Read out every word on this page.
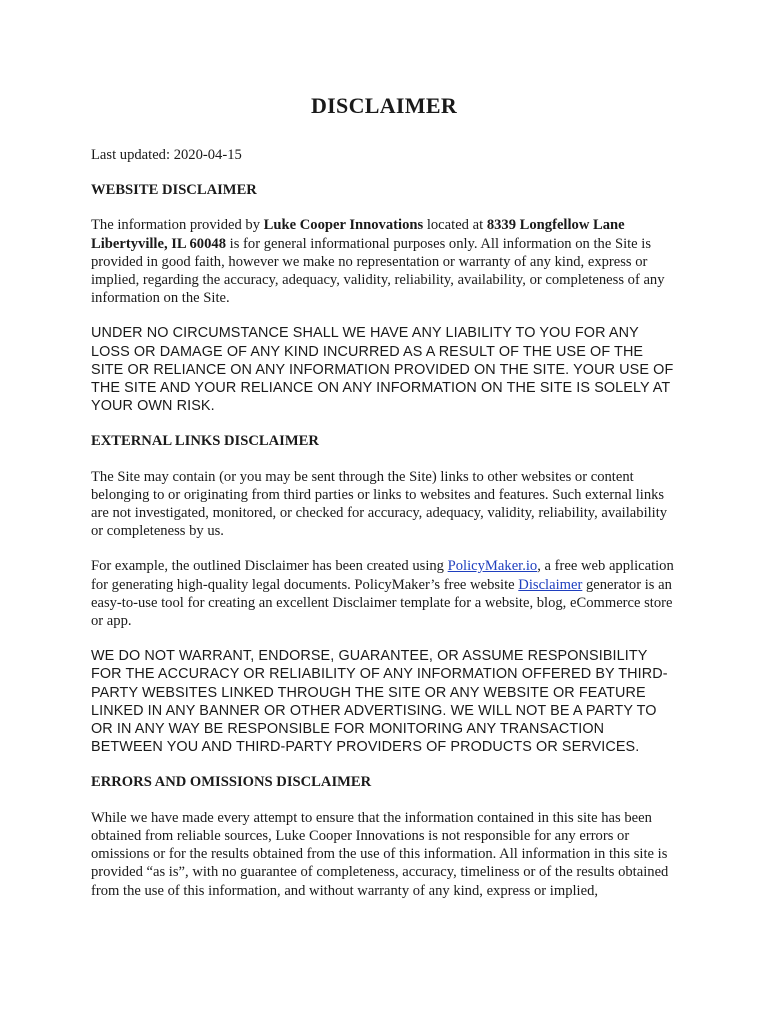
DISCLAIMER

Last updated: 2020-04-15

WEBSITE DISCLAIMER

The information provided by Luke Cooper Innovations located at 8339 Longfellow Lane Libertyville, IL 60048 is for general informational purposes only. All information on the Site is provided in good faith, however we make no representation or warranty of any kind, express or implied, regarding the accuracy, adequacy, validity, reliability, availability, or completeness of any information on the Site.

UNDER NO CIRCUMSTANCE SHALL WE HAVE ANY LIABILITY TO YOU FOR ANY LOSS OR DAMAGE OF ANY KIND INCURRED AS A RESULT OF THE USE OF THE SITE OR RELIANCE ON ANY INFORMATION PROVIDED ON THE SITE. YOUR USE OF THE SITE AND YOUR RELIANCE ON ANY INFORMATION ON THE SITE IS SOLELY AT YOUR OWN RISK.

EXTERNAL LINKS DISCLAIMER

The Site may contain (or you may be sent through the Site) links to other websites or content belonging to or originating from third parties or links to websites and features. Such external links are not investigated, monitored, or checked for accuracy, adequacy, validity, reliability, availability or completeness by us.

For example, the outlined Disclaimer has been created using PolicyMaker.io, a free web application for generating high-quality legal documents. PolicyMaker’s free website Disclaimer generator is an easy-to-use tool for creating an excellent Disclaimer template for a website, blog, eCommerce store or app.

WE DO NOT WARRANT, ENDORSE, GUARANTEE, OR ASSUME RESPONSIBILITY FOR THE ACCURACY OR RELIABILITY OF ANY INFORMATION OFFERED BY THIRD-PARTY WEBSITES LINKED THROUGH THE SITE OR ANY WEBSITE OR FEATURE LINKED IN ANY BANNER OR OTHER ADVERTISING. WE WILL NOT BE A PARTY TO OR IN ANY WAY BE RESPONSIBLE FOR MONITORING ANY TRANSACTION BETWEEN YOU AND THIRD-PARTY PROVIDERS OF PRODUCTS OR SERVICES.

ERRORS AND OMISSIONS DISCLAIMER

While we have made every attempt to ensure that the information contained in this site has been obtained from reliable sources, Luke Cooper Innovations is not responsible for any errors or omissions or for the results obtained from the use of this information. All information in this site is provided “as is”, with no guarantee of completeness, accuracy, timeliness or of the results obtained from the use of this information, and without warranty of any kind, express or implied,
